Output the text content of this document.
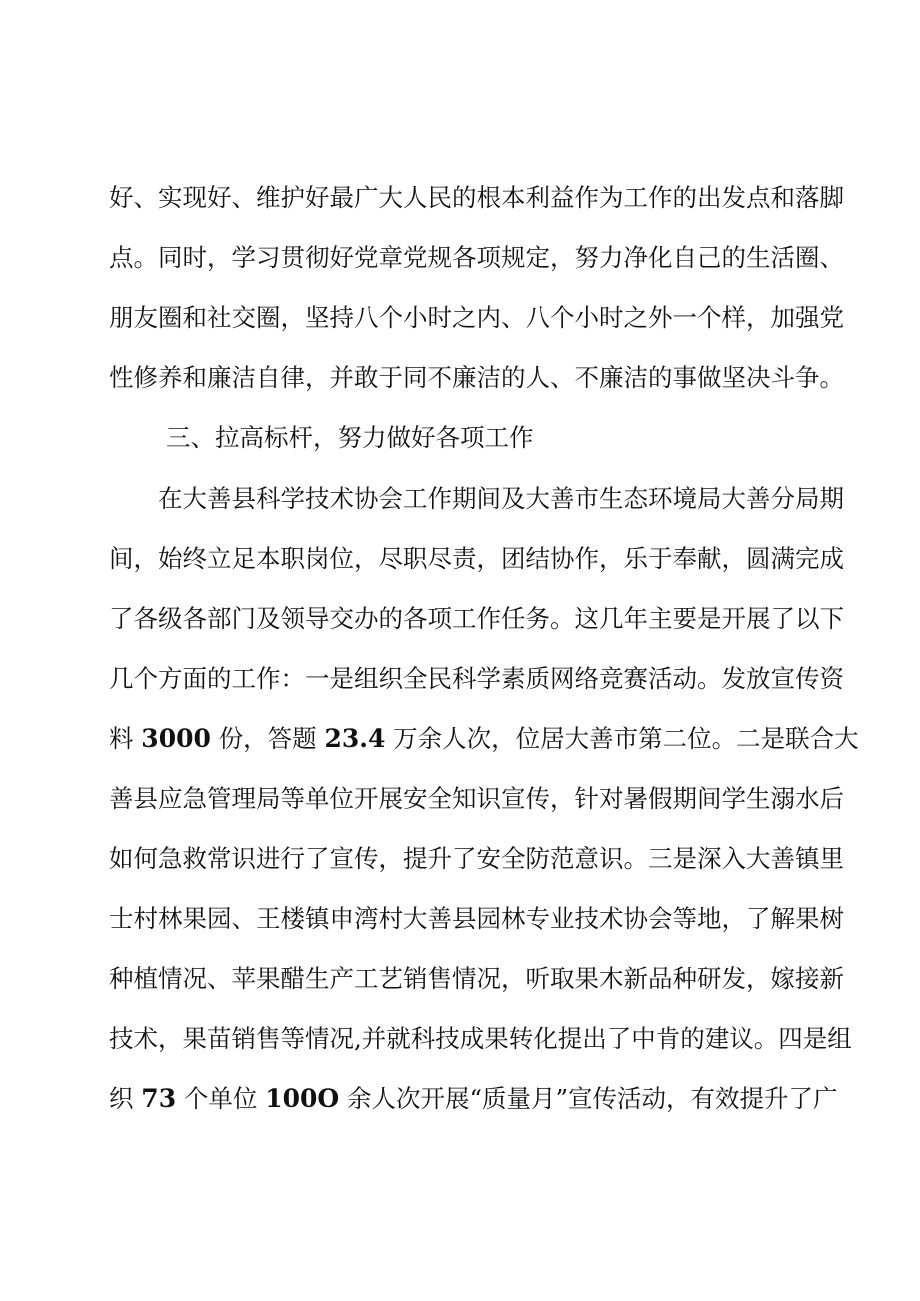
好、实现好、维护好最广大人民的根本利益作为工作的出发点和落脚
点。同时，学习贯彻好党章党规各项规定，努力净化自己的生活圈、
朋友圈和社交圈，坚持八个小时之内、八个小时之外一个样，加强党
性修养和廉洁自律，并敢于同不廉洁的人、不廉洁的事做坚决斗争。
三、拉高标杆，努力做好各项工作
在大善县科学技术协会工作期间及大善市生态环境局大善分局期
间，始终立足本职岗位，尽职尽责，团结协作，乐于奉献，圆满完成
了各级各部门及领导交办的各项工作任务。这几年主要是开展了以下
几个方面的工作：一是组织全民科学素质网络竞赛活动。发放宣传资
料 3000 份，答题 23.4 万余人次，位居大善市第二位。二是联合大
善县应急管理局等单位开展安全知识宣传，针对暑假期间学生溺水后
如何急救常识进行了宣传，提升了安全防范意识。三是深入大善镇里
士村林果园、王楼镇申湾村大善县园林专业技术协会等地，了解果树
种植情况、苹果醋生产工艺销售情况，听取果木新品种研发，嫁接新
技术，果苗销售等情况,并就科技成果转化提出了中肯的建议。四是组
织 73 个单位 100O 余人次开展“质量月”宣传活动，有效提升了广
